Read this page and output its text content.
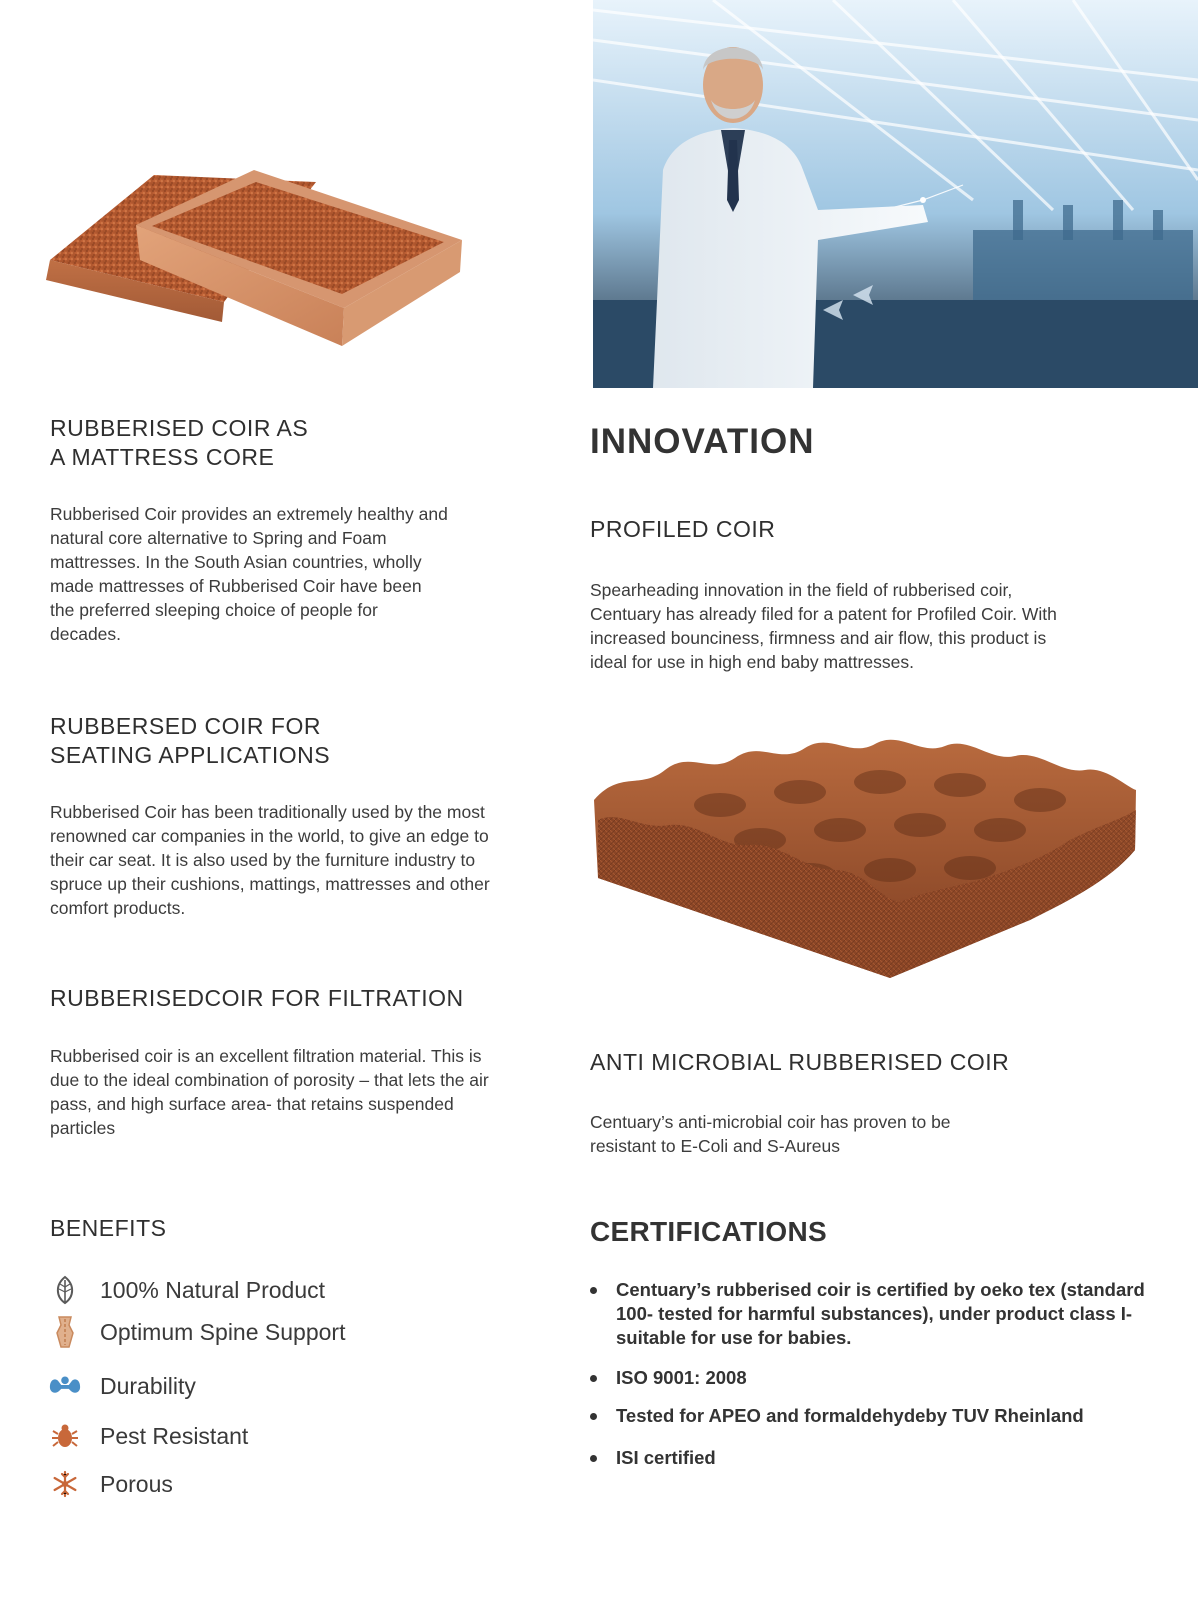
RUBBERISED COIR AS
A MATTRESS CORE

Rubberised Coir provides an extremely healthy and natural core alternative to Spring and Foam mattresses. In the South Asian countries, wholly made mattresses of Rubberised Coir have been the preferred sleeping choice of people for decades.

RUBBERSED COIR FOR
SEATING APPLICATIONS

Rubberised Coir has been traditionally used by the most renowned car companies in the world, to give an edge to their car seat. It is also used by the furniture industry to spruce up their cushions, mattings, mattresses and other comfort products.

RUBBERISEDCOIR FOR FILTRATION

Rubberised coir is an excellent filtration material. This is due to the ideal combination of porosity – that lets the air pass, and high surface area- that retains suspended particles

BENEFITS
100% Natural Product
Optimum Spine Support
Durability
Pest Resistant
Porous
INNOVATION
PROFILED COIR

Spearheading innovation in the field of rubberised coir, Centuary has already filed for a patent for Profiled Coir. With increased bounciness, firmness and air flow, this product is ideal for use in high end baby mattresses.

ANTI MICROBIAL RUBBERISED COIR

Centuary’s anti-microbial coir has proven to be resistant to E-Coli and S-Aureus

CERTIFICATIONS
Centuary’s rubberised coir is certified by oeko tex (standard 100- tested for harmful substances), under product class I- suitable for use for babies.
ISO 9001: 2008
Tested for APEO and formaldehydeby TUV Rheinland
ISI certified
